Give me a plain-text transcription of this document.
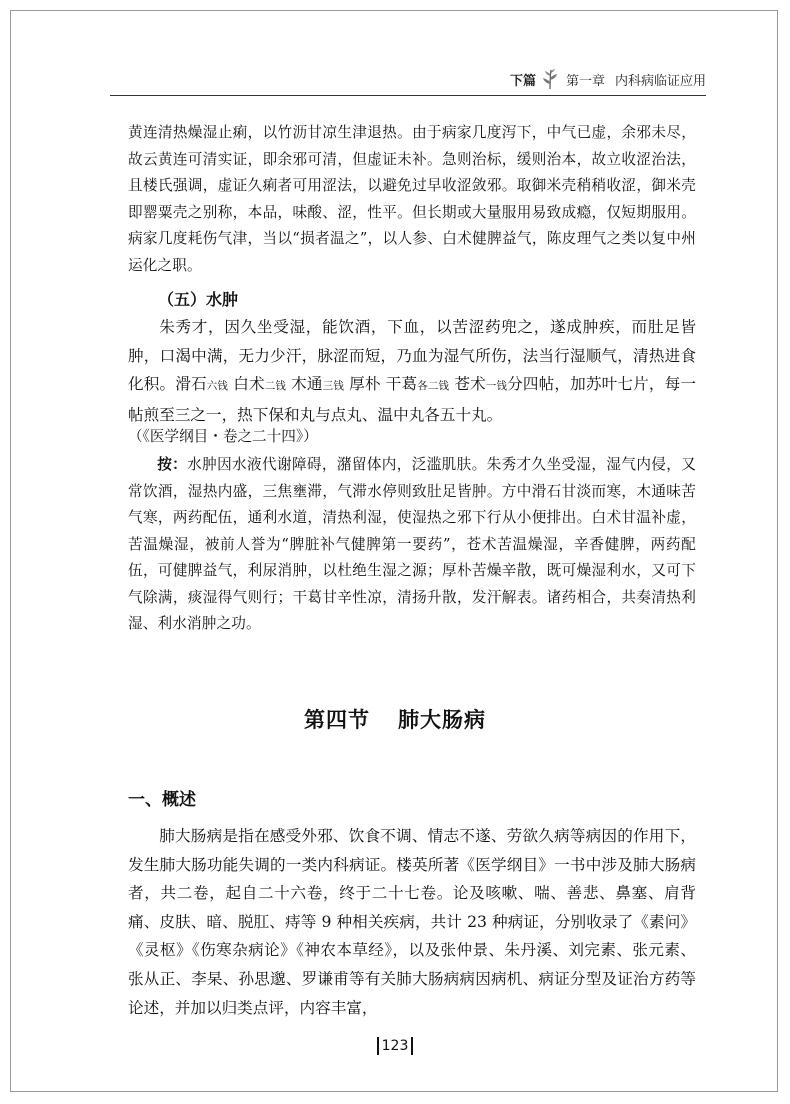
下篇 第一章 内科病临证应用

黄连清热燥湿止痢，以竹沥甘凉生津退热。由于病家几度泻下，中气已虚，余邪未尽，故云黄连可清实证，即余邪可清，但虚证未补。急则治标，缓则治本，故立收涩治法，且楼氏强调，虚证久痢者可用涩法，以避免过早收涩敛邪。取御米壳稍稍收涩，御米壳即罂粟壳之别称，本品，味酸、涩，性平。但长期或大量服用易致成瘾，仅短期服用。病家几度耗伤气津，当以“损者温之”，以人参、白术健脾益气，陈皮理气之类以复中州运化之职。

（五）水肿

朱秀才，因久坐受湿，能饮酒，下血，以苦涩药兜之，遂成肿疾，而肚足皆肿，口渴中满，无力少汗，脉涩而短，乃血为湿气所伤，法当行湿顺气，清热进食化积。滑石六钱 白术二钱 木通三钱 厚朴 干葛各二钱 苍术一钱分四帖，加苏叶七片，每一帖煎至三之一，热下保和丸与点丸、温中丸各五十丸。

（《医学纲目・卷之二十四》）

按：水肿因水液代谢障碍，潴留体内，泛滥肌肤。朱秀才久坐受湿，湿气内侵，又常饮酒，湿热内盛，三焦壅滞，气滞水停则致肚足皆肿。方中滑石甘淡而寒，木通味苦气寒，两药配伍，通利水道，清热利湿，使湿热之邪下行从小便排出。白术甘温补虚，苦温燥湿，被前人誉为“脾脏补气健脾第一要药”，苍术苦温燥湿，辛香健脾，两药配伍，可健脾益气，利尿消肿，以杜绝生湿之源；厚朴苦燥辛散，既可燥湿利水，又可下气除满，痰湿得气则行；干葛甘辛性凉，清扬升散，发汗解表。诸药相合，共奏清热利湿、利水消肿之功。

第四节 肺大肠病
一、概述

肺大肠病是指在感受外邪、饮食不调、情志不遂、劳欲久病等病因的作用下，发生肺大肠功能失调的一类内科病证。楼英所著《医学纲目》一书中涉及肺大肠病者，共二卷，起自二十六卷，终于二十七卷。论及咳嗽、喘、善悲、鼻塞、肩背痛、皮肤、暗、脱肛、痔等 9 种相关疾病，共计 23 种病证，分别收录了《素问》《灵枢》《伤寒杂病论》《神农本草经》，以及张仲景、朱丹溪、刘完素、张元素、张从正、李杲、孙思邈、罗谦甫等有关肺大肠病病因病机、病证分型及证治方药等论述，并加以归类点评，内容丰富，

123
